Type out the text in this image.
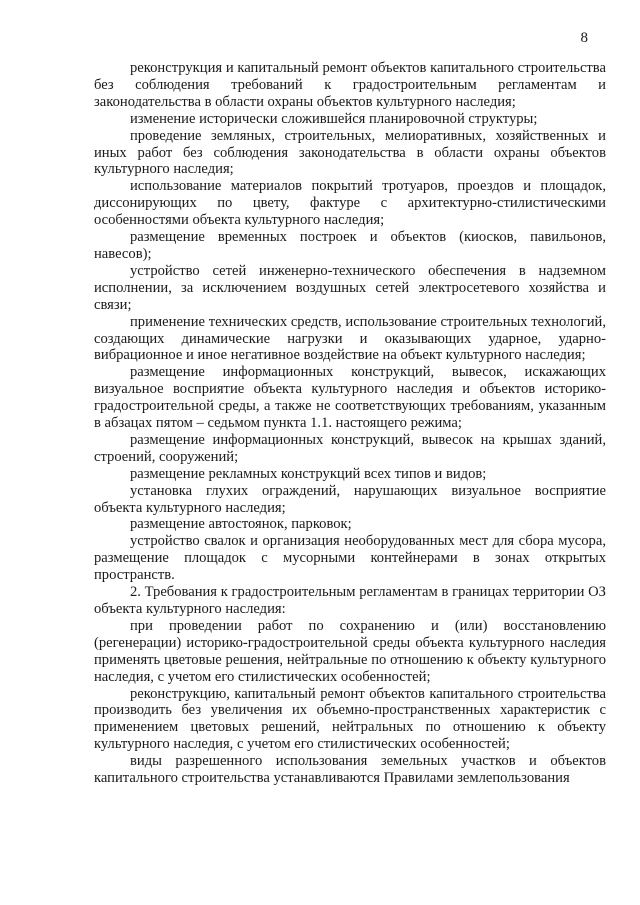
8

реконструкция и капитальный ремонт объектов капитального строительства без соблюдения требований к градостроительным регламентам и законодательства в области охраны объектов культурного наследия;

изменение исторически сложившейся планировочной структуры;

проведение земляных, строительных, мелиоративных, хозяйственных и иных работ без соблюдения законодательства в области охраны объектов культурного наследия;

использование материалов покрытий тротуаров, проездов и площадок, диссонирующих по цвету, фактуре с архитектурно-стилистическими особенностями объекта культурного наследия;

размещение временных построек и объектов (киосков, павильонов, навесов);

устройство сетей инженерно-технического обеспечения в надземном исполнении, за исключением воздушных сетей электросетевого хозяйства и связи;

применение технических средств, использование строительных технологий, создающих динамические нагрузки и оказывающих ударное, ударно-вибрационное и иное негативное воздействие на объект культурного наследия;

размещение информационных конструкций, вывесок, искажающих визуальное восприятие объекта культурного наследия и объектов историко-градостроительной среды, а также не соответствующих требованиям, указанным в абзацах пятом – седьмом пункта 1.1. настоящего режима;

размещение информационных конструкций, вывесок на крышах зданий, строений, сооружений;

размещение рекламных конструкций всех типов и видов;

установка глухих ограждений, нарушающих визуальное восприятие объекта культурного наследия;

размещение автостоянок, парковок;

устройство свалок и организация необорудованных мест для сбора мусора, размещение площадок с мусорными контейнерами в зонах открытых пространств.

2. Требования к градостроительным регламентам в границах территории ОЗ объекта культурного наследия:

при проведении работ по сохранению и (или) восстановлению (регенерации) историко-градостроительной среды объекта культурного наследия применять цветовые решения, нейтральные по отношению к объекту культурного наследия, с учетом его стилистических особенностей;

реконструкцию, капитальный ремонт объектов капитального строительства производить без увеличения их объемно-пространственных характеристик с применением цветовых решений, нейтральных по отношению к объекту культурного наследия, с учетом его стилистических особенностей;

виды разрешенного использования земельных участков и объектов капитального строительства устанавливаются Правилами землепользования
